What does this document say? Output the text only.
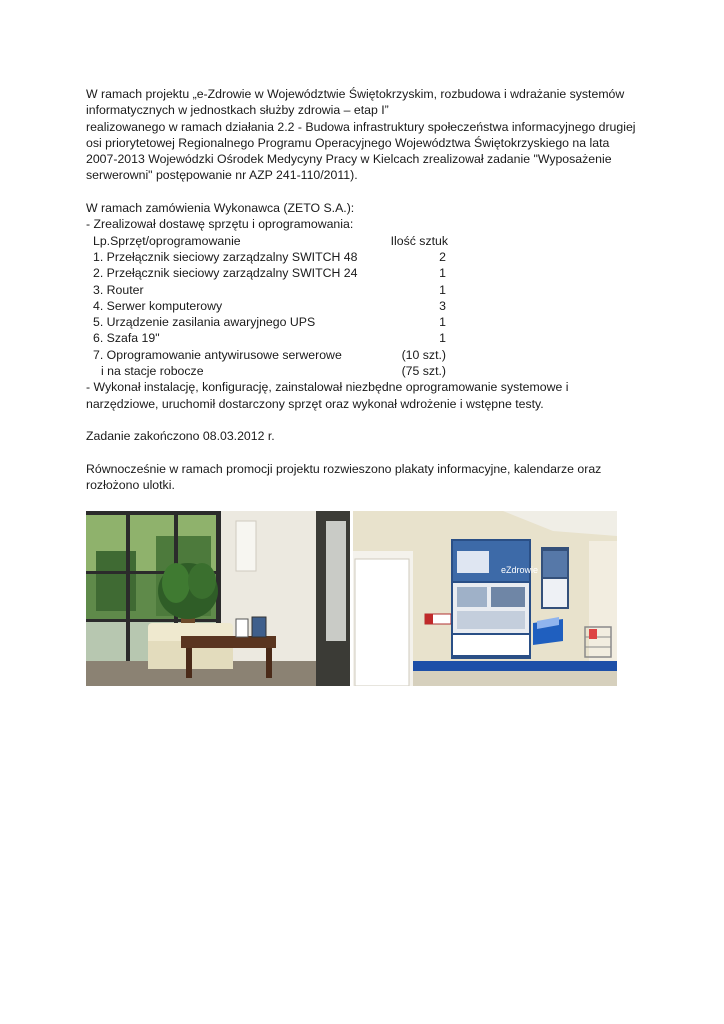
W ramach projektu „e-Zdrowie w Województwie Świętokrzyskim, rozbudowa i wdrażanie systemów
informatycznych w jednostkach służby zdrowia – etap I”
realizowanego w ramach działania 2.2 - Budowa infrastruktury społeczeństwa informacyjnego drugiej
osi priorytetowej Regionalnego Programu Operacyjnego Województwa Świętokrzyskiego na lata
2007-2013 Wojewódzki Ośrodek Medycyny Pracy w Kielcach zrealizował zadanie "Wyposażenie
serwerowni" postępowanie nr AZP 241-110/2011).
W ramach zamówienia Wykonawca (ZETO S.A.):
- Zrealizował dostawę sprzętu i oprogramowania:
Lp.Sprzęt/oprogramowanie	Ilość sztuk
1. Przełącznik sieciowy zarządzalny SWITCH 48	2
2. Przełącznik sieciowy zarządzalny SWITCH 24	1
3. Router	1
4. Serwer komputerowy	3
5. Urządzenie zasilania awaryjnego UPS	1
6. Szafa 19"	1
7. Oprogramowanie antywirusowe serwerowe	(10 szt.)
i na stacje robocze	(75 szt.)
- Wykonał instalację, konfigurację, zainstalował niezbędne oprogramowanie systemowe i
narzędziowe, uruchomił dostarczony sprzęt oraz wykonał wdrożenie i wstępne testy.
Zadanie zakończono 08.03.2012 r.
Równocześnie w ramach promocji projektu rozwieszono plakaty informacyjne, kalendarze oraz
rozłożono ulotki.
eZdrowie
